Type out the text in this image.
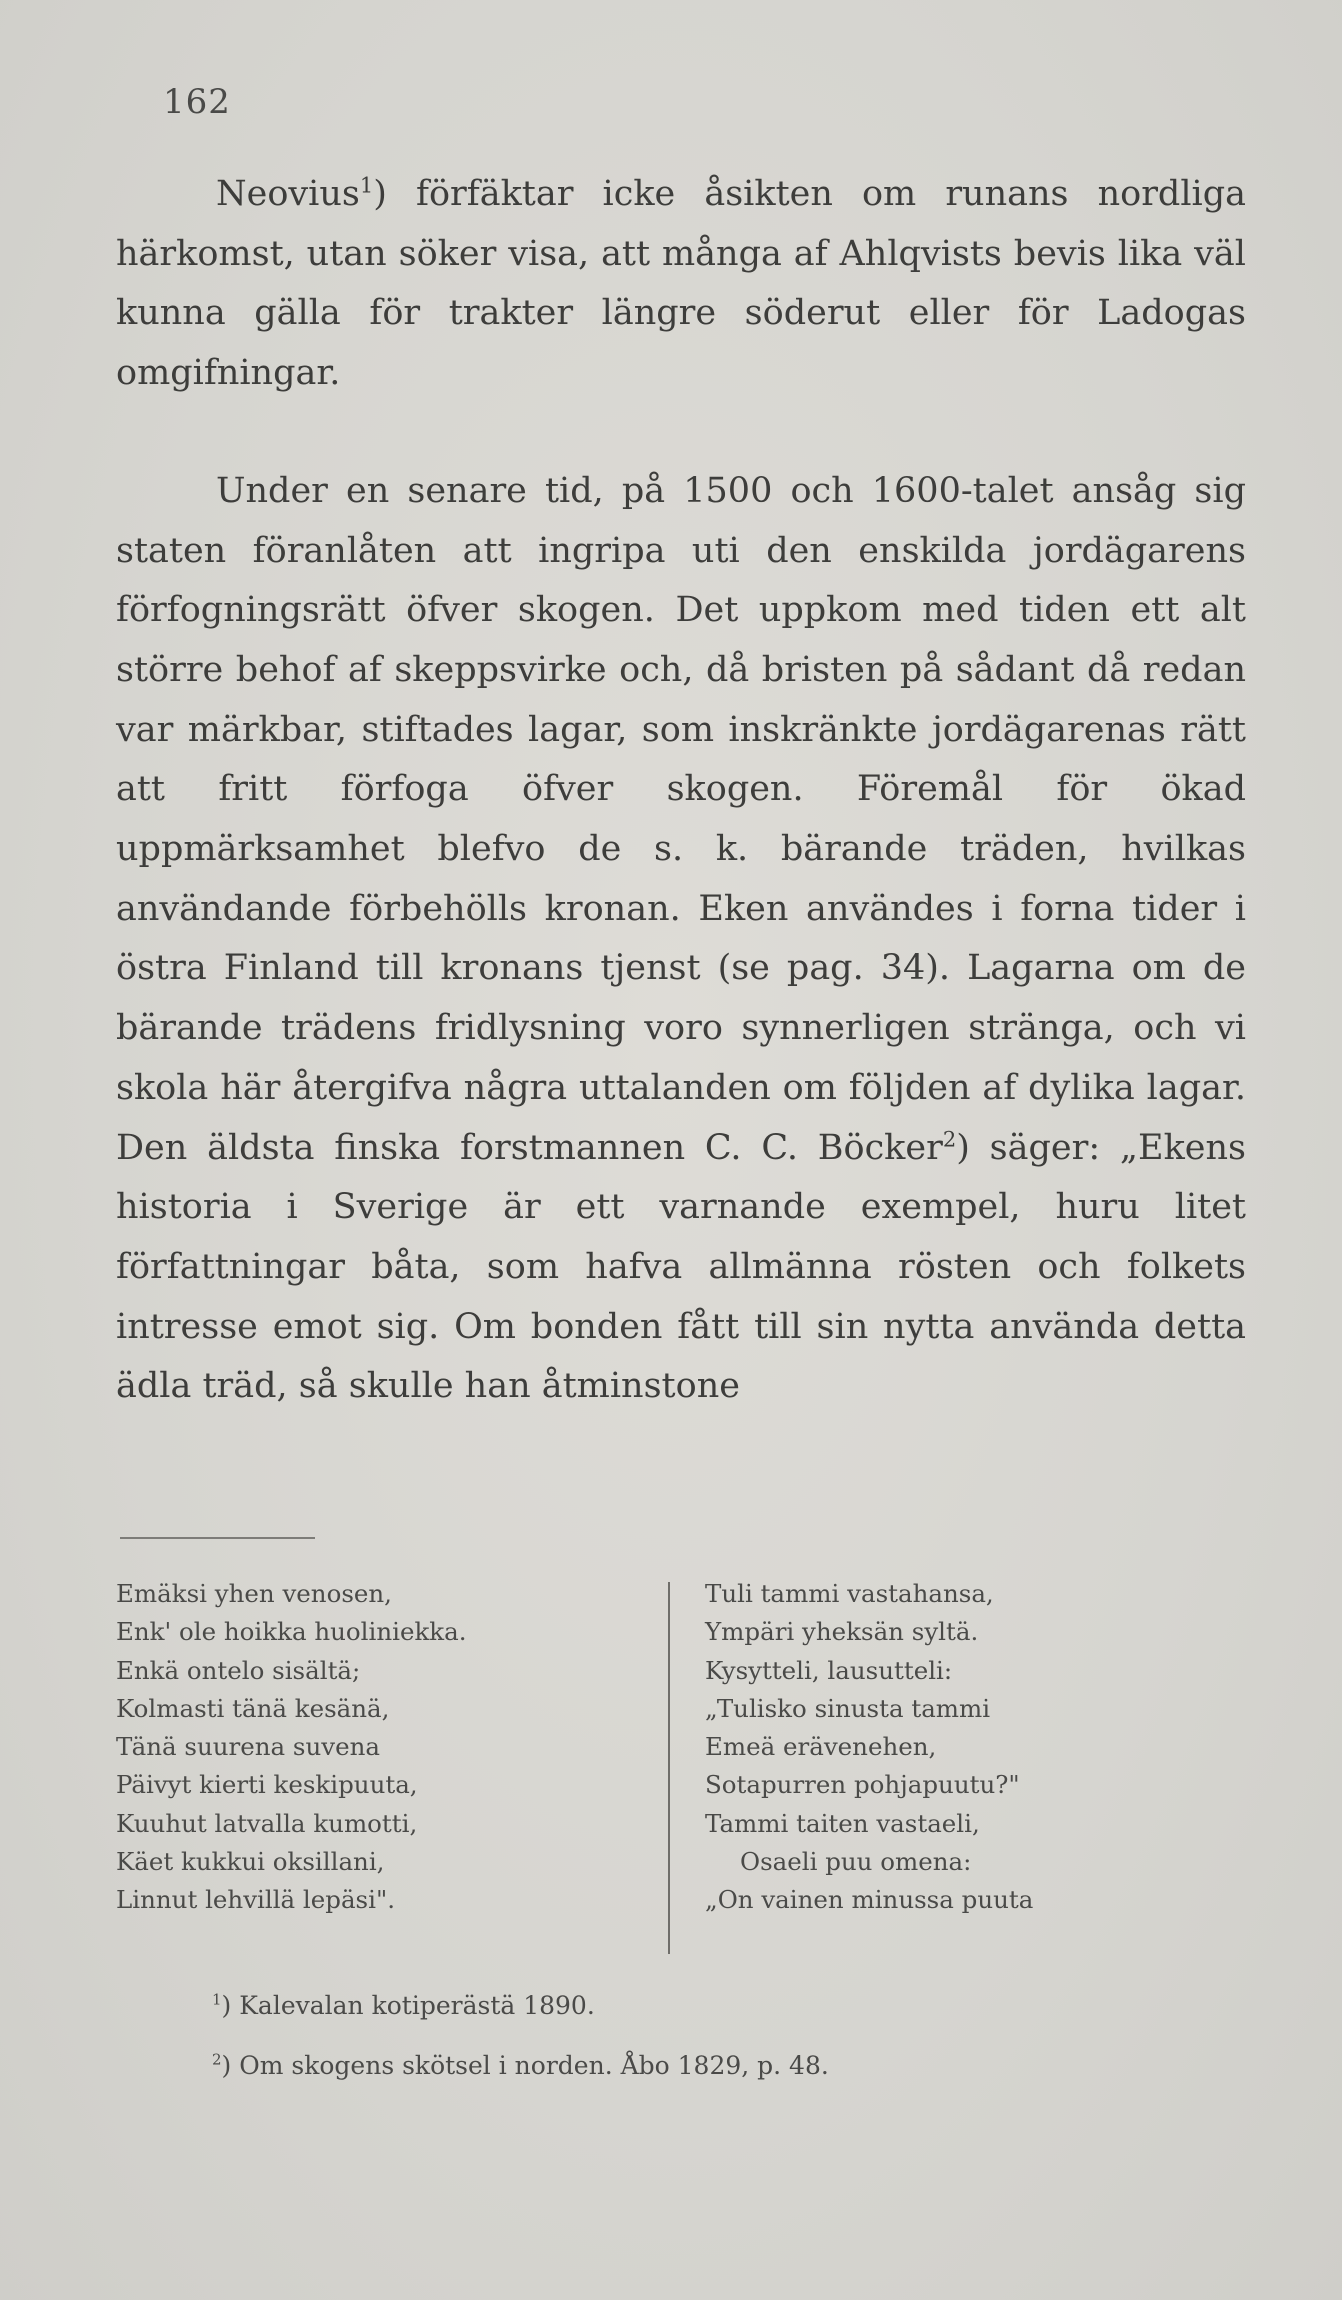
162

Neovius$^1$) förfäktar icke åsikten om runans nordliga härkomst, utan söker visa, att många af Ahlqvists bevis lika väl kunna gälla för trakter längre söderut eller för Ladogas omgifningar.

Under en senare tid, på 1500 och 1600-talet ansåg sig staten föranlåten att ingripa uti den enskilda jordägarens förfogningsrätt öfver skogen. Det uppkom med tiden ett alt större behof af skeppsvirke och, då bristen på sådant då redan var märkbar, stiftades lagar, som inskränkte jordägarenas rätt att fritt förfoga öfver skogen. Föremål för ökad uppmärksamhet blefvo de s. k. bärande träden, hvilkas användande förbehölls kronan. Eken användes i forna tider i östra Finland till kronans tjenst (se pag. 34). Lagarna om de bärande trädens fridlysning voro synnerligen stränga, och vi skola här återgifva några uttalanden om följden af dylika lagar. Den äldsta finska forstmannen C. C. Böcker$^2$) säger: „Ekens historia i Sverige är ett varnande exempel, huru litet författningar båta, som hafva allmänna rösten och folkets intresse emot sig. Om bonden fått till sin nytta använda detta ädla träd, så skulle han åtminstone

Emäksi yhen venosen,
Enk' ole hoikka huoliniekka.
Enkä ontelo sisältä;
Kolmasti tänä kesänä,
Tänä suurena suvena
Päivyt kierti keskipuuta,
Kuuhut latvalla kumotti,
Käet kukkui oksillani,
Linnut lehvillä lepäsi".
Tuli tammi vastahansa,
Ympäri yheksän syltä.
Kysytteli, lausutteli:
„Tulisko sinusta tammi
Emeä erävenehen,
Sotapurren pohjapuutu?"
Tammi taiten vastaeli,
Osaeli puu omena:
„On vainen minussa puuta
$^1$) Kalevalan kotiperästä 1890.
$^2$) Om skogens skötsel i norden. Åbo 1829, p. 48.
